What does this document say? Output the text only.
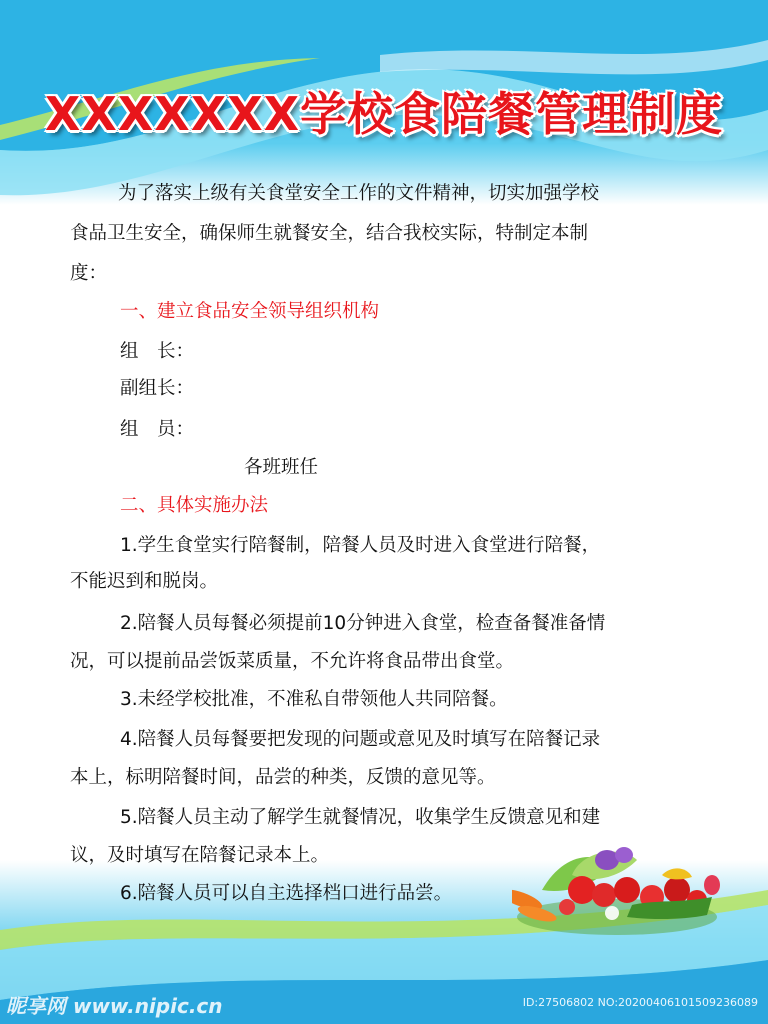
XXXXXXX学校食陪餐管理制度
为了落实上级有关食堂安全工作的文件精神，切实加强学校
食品卫生安全，确保师生就餐安全，结合我校实际，特制定本制
度：
一、建立食品安全领导组织机构
组　长：
副组长：
组　员：
各班班任
二、具体实施办法
1.学生食堂实行陪餐制，陪餐人员及时进入食堂进行陪餐，
不能迟到和脱岗。
2.陪餐人员每餐必须提前10分钟进入食堂，检查备餐准备情
况，可以提前品尝饭菜质量，不允许将食品带出食堂。
3.未经学校批准，不准私自带领他人共同陪餐。
4.陪餐人员每餐要把发现的问题或意见及时填写在陪餐记录
本上，标明陪餐时间，品尝的种类，反馈的意见等。
5.陪餐人员主动了解学生就餐情况，收集学生反馈意见和建
议，及时填写在陪餐记录本上。
6.陪餐人员可以自主选择档口进行品尝。
昵享网 www.nipic.cn	ID:27506802 NO:20200406101509236089
